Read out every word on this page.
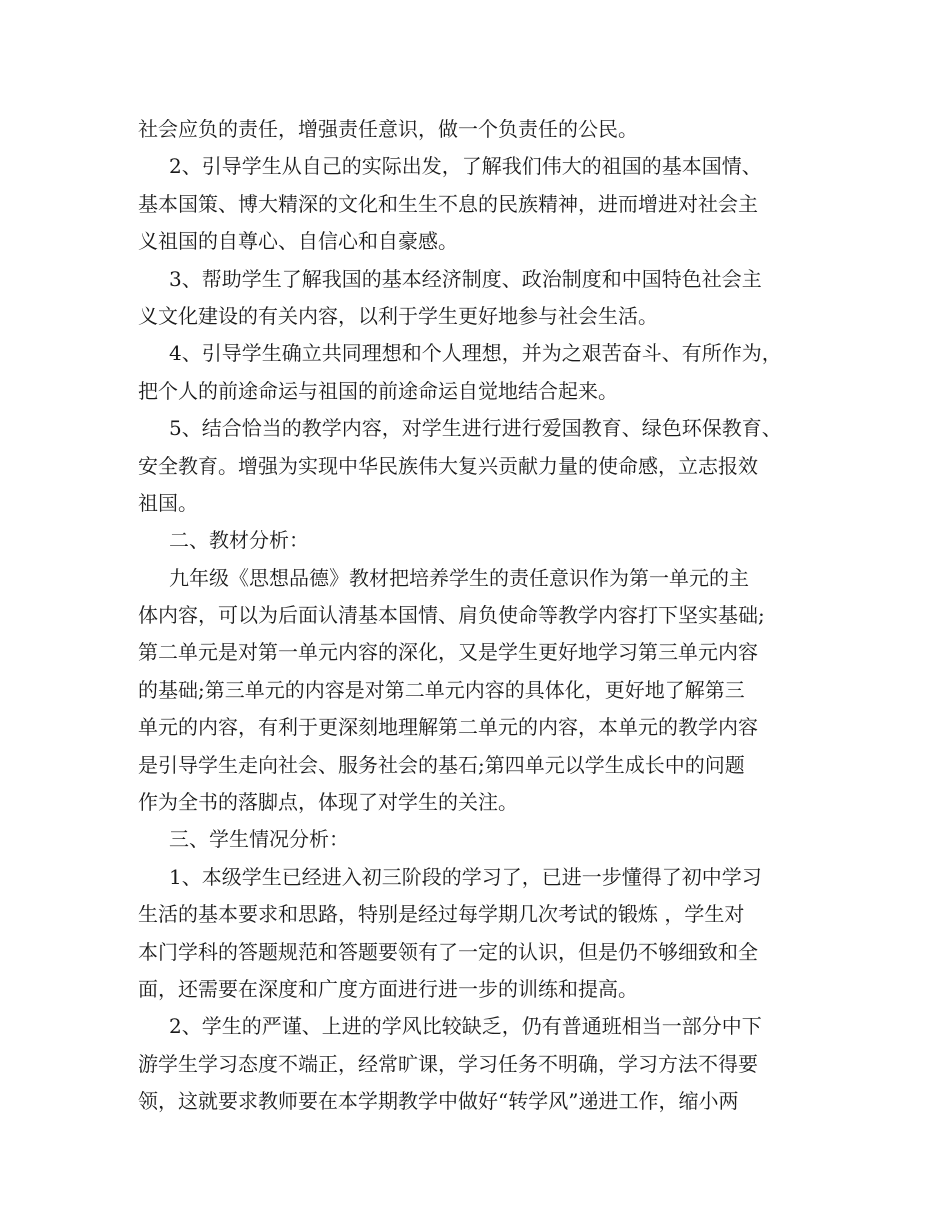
社会应负的责任，增强责任意识，做一个负责任的公民。
2、引导学生从自己的实际出发，了解我们伟大的祖国的基本国情、
基本国策、博大精深的文化和生生不息的民族精神，进而增进对社会主
义祖国的自尊心、自信心和自豪感。
3、帮助学生了解我国的基本经济制度、政治制度和中国特色社会主
义文化建设的有关内容，以利于学生更好地参与社会生活。
4、引导学生确立共同理想和个人理想，并为之艰苦奋斗、有所作为，
把个人的前途命运与祖国的前途命运自觉地结合起来。
5、结合恰当的教学内容，对学生进行进行爱国教育、绿色环保教育、
安全教育。增强为实现中华民族伟大复兴贡献力量的使命感，立志报效
祖国。
二、教材分析：
九年级《思想品德》教材把培养学生的责任意识作为第一单元的主
体内容，可以为后面认清基本国情、肩负使命等教学内容打下坚实基础;
第二单元是对第一单元内容的深化，又是学生更好地学习第三单元内容
的基础;第三单元的内容是对第二单元内容的具体化，更好地了解第三
单元的内容，有利于更深刻地理解第二单元的内容，本单元的教学内容
是引导学生走向社会、服务社会的基石;第四单元以学生成长中的问题
作为全书的落脚点，体现了对学生的关注。
三、学生情况分析：
1、本级学生已经进入初三阶段的学习了，已进一步懂得了初中学习
生活的基本要求和思路，特别是经过每学期几次考试的锻炼 ，学生对
本门学科的答题规范和答题要领有了一定的认识，但是仍不够细致和全
面，还需要在深度和广度方面进行进一步的训练和提高。
2、学生的严谨、上进的学风比较缺乏，仍有普通班相当一部分中下
游学生学习态度不端正，经常旷课，学习任务不明确，学习方法不得要
领，这就要求教师要在本学期教学中做好“转学风”递进工作，缩小两
